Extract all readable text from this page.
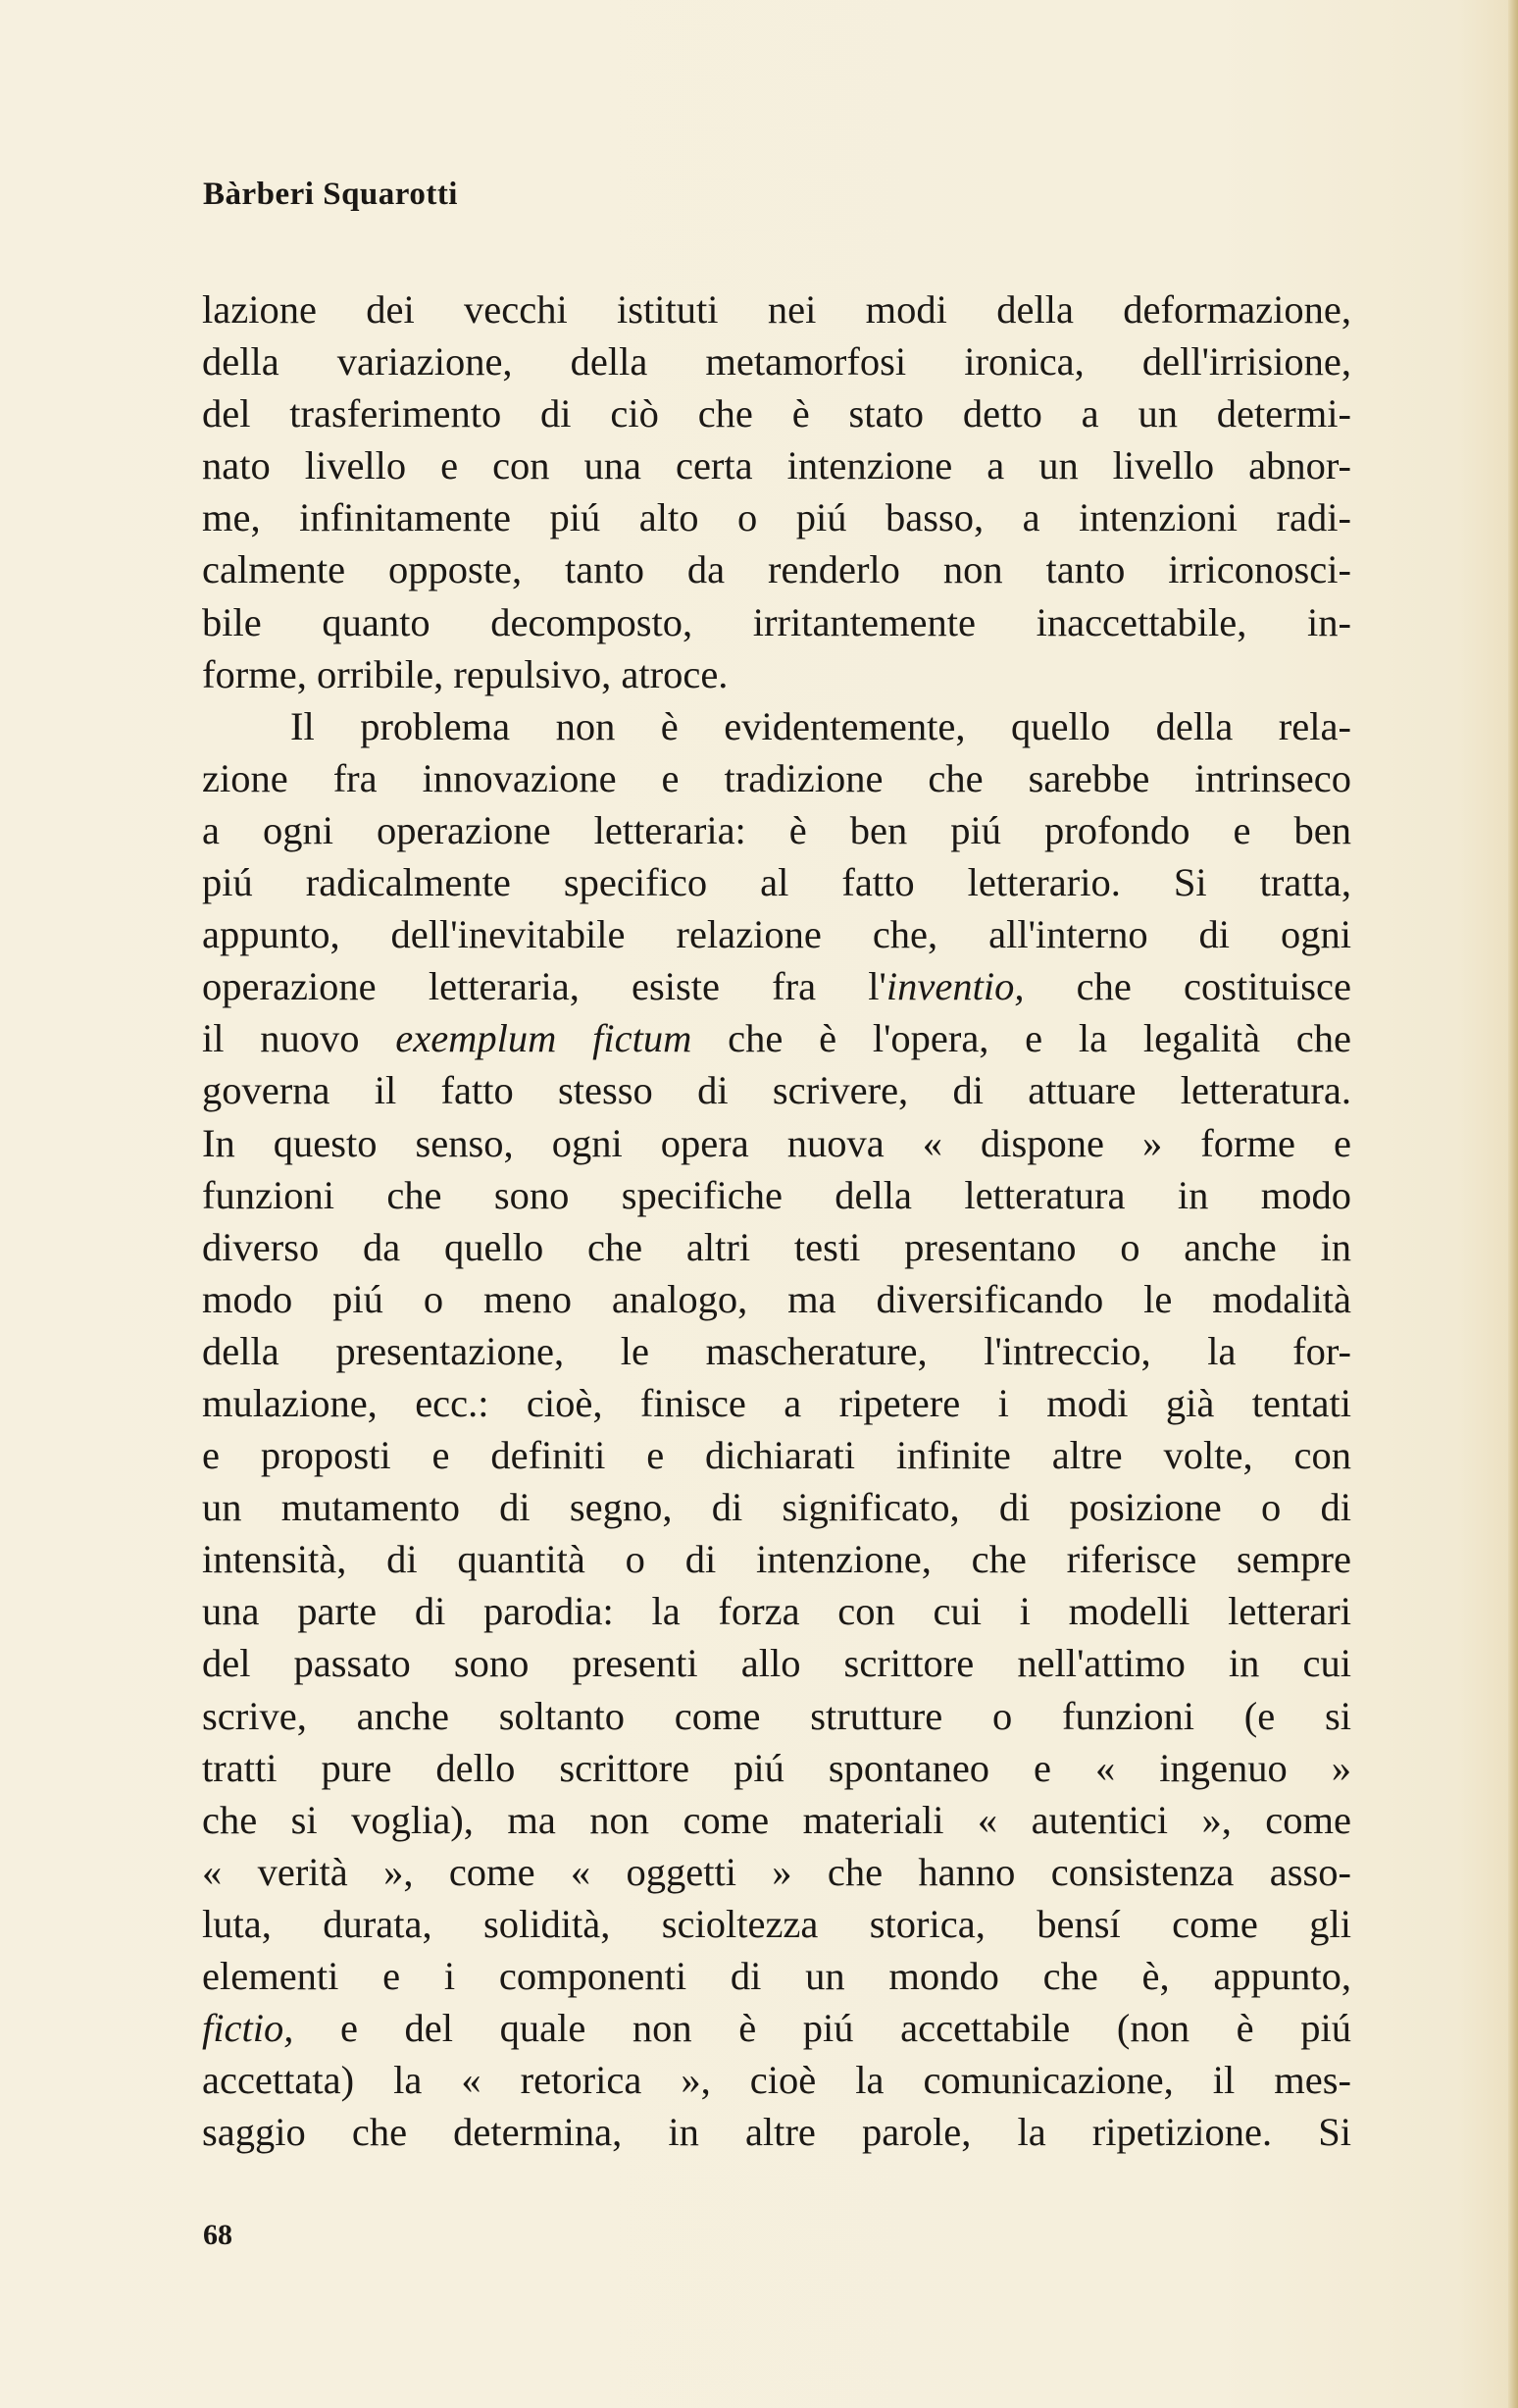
Bàrberi Squarotti
lazione dei vecchi istituti nei modi della deformazione,
della variazione, della metamorfosi ironica, dell'irrisione,
del trasferimento di ciò che è stato detto a un determi-
nato livello e con una certa intenzione a un livello abnor-
me, infinitamente piú alto o piú basso, a intenzioni radi-
calmente opposte, tanto da renderlo non tanto irriconosci-
bile quanto decomposto, irritantemente inaccettabile, in-
forme, orribile, repulsivo, atroce.
Il problema non è evidentemente, quello della rela-
zione fra innovazione e tradizione che sarebbe intrinseco
a ogni operazione letteraria: è ben piú profondo e ben
piú radicalmente specifico al fatto letterario. Si tratta,
appunto, dell'inevitabile relazione che, all'interno di ogni
operazione letteraria, esiste fra l'inventio, che costituisce
il nuovo exemplum fictum che è l'opera, e la legalità che
governa il fatto stesso di scrivere, di attuare letteratura.
In questo senso, ogni opera nuova « dispone » forme e
funzioni che sono specifiche della letteratura in modo
diverso da quello che altri testi presentano o anche in
modo piú o meno analogo, ma diversificando le modalità
della presentazione, le mascherature, l'intreccio, la for-
mulazione, ecc.: cioè, finisce a ripetere i modi già tentati
e proposti e definiti e dichiarati infinite altre volte, con
un mutamento di segno, di significato, di posizione o di
intensità, di quantità o di intenzione, che riferisce sempre
una parte di parodia: la forza con cui i modelli letterari
del passato sono presenti allo scrittore nell'attimo in cui
scrive, anche soltanto come strutture o funzioni (e si
tratti pure dello scrittore piú spontaneo e « ingenuo »
che si voglia), ma non come materiali « autentici », come
« verità », come « oggetti » che hanno consistenza asso-
luta, durata, solidità, scioltezza storica, bensí come gli
elementi e i componenti di un mondo che è, appunto,
fictio, e del quale non è piú accettabile (non è piú
accettata) la « retorica », cioè la comunicazione, il mes-
saggio che determina, in altre parole, la ripetizione. Si
68
